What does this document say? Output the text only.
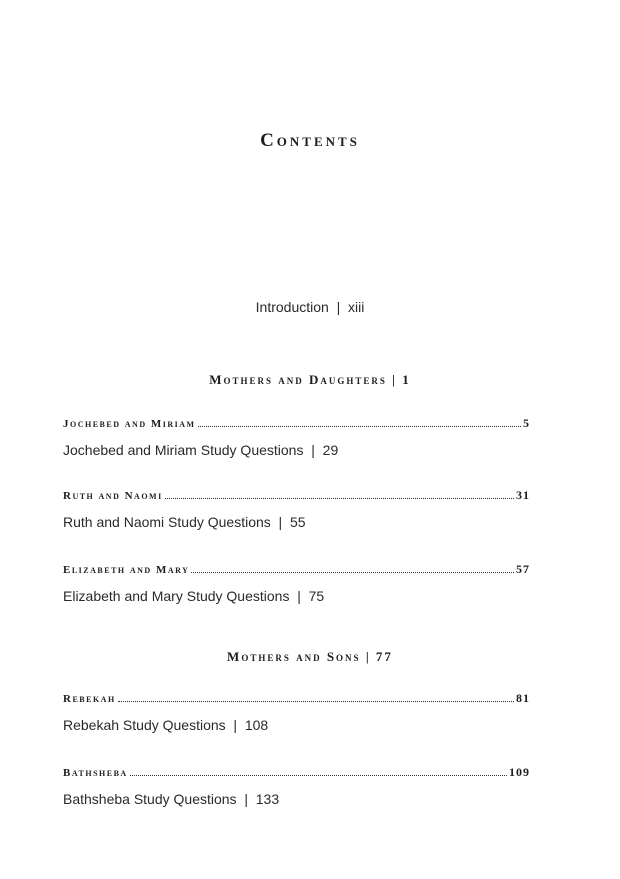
Contents
Introduction  |  xiii
Mothers and Daughters | 1
Jochebed and Miriam	5
Jochebed and Miriam Study Questions  |  29
Ruth and Naomi	31
Ruth and Naomi Study Questions  |  55
Elizabeth and Mary	57
Elizabeth and Mary Study Questions  |  75
Mothers and Sons | 77
Rebekah	81
Rebekah Study Questions  |  108
Bathsheba	109
Bathsheba Study Questions  |  133
